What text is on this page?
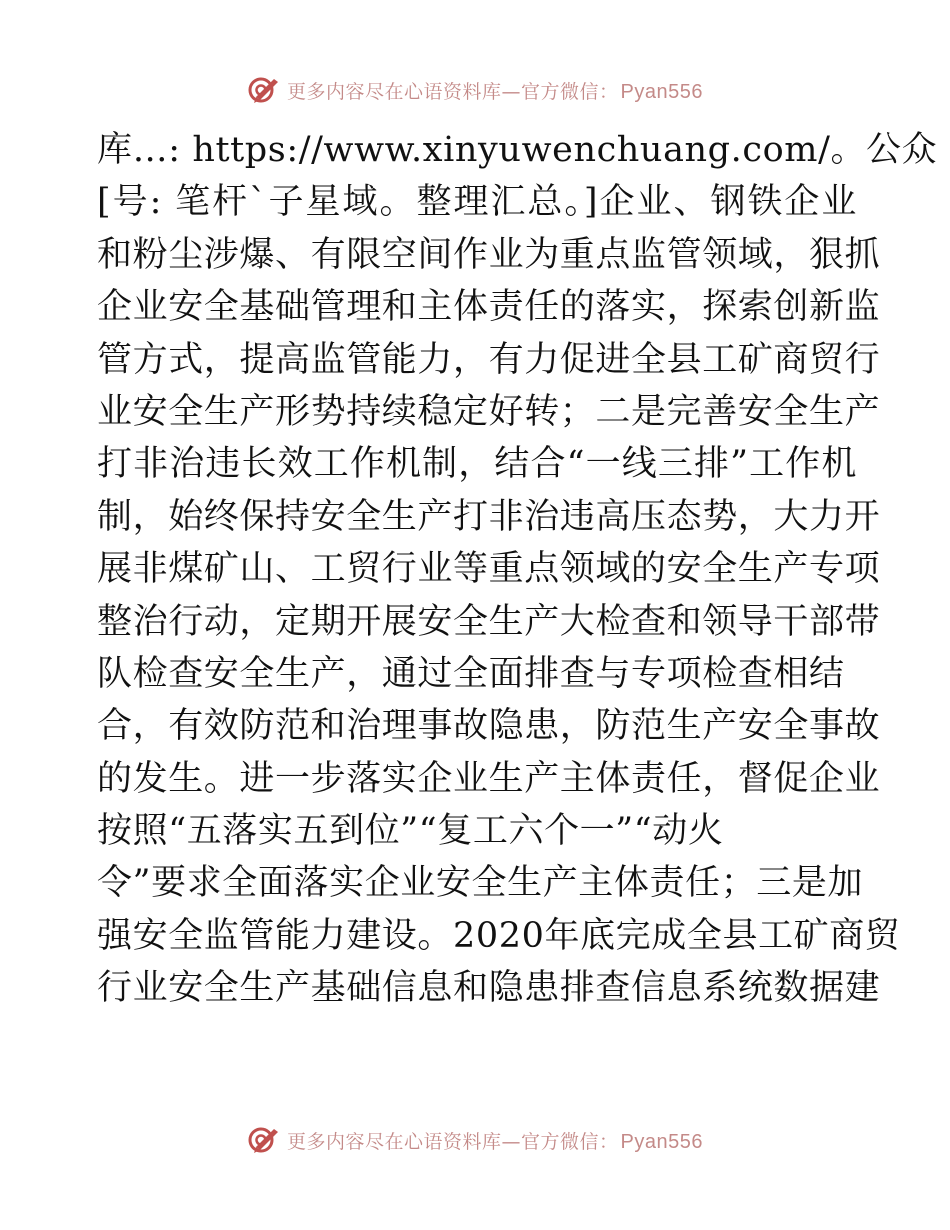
更多内容尽在心语资料库—官方微信： Pyan556
库…: https://www.xinyuwenchuang.com/。公众
[号: 笔杆`子星域。整理汇总。]企业、钢铁企业
和粉尘涉爆、有限空间作业为重点监管领域，狠抓
企业安全基础管理和主体责任的落实，探索创新监
管方式，提高监管能力，有力促进全县工矿商贸行
业安全生产形势持续稳定好转；二是完善安全生产
打非治违长效工作机制，结合“一线三排”工作机
制，始终保持安全生产打非治违高压态势，大力开
展非煤矿山、工贸行业等重点领域的安全生产专项
整治行动，定期开展安全生产大检查和领导干部带
队检查安全生产，通过全面排查与专项检查相结
合，有效防范和治理事故隐患，防范生产安全事故
的发生。进一步落实企业生产主体责任，督促企业
按照“五落实五到位”“复工六个一”“动火
令”要求全面落实企业安全生产主体责任；三是加
强安全监管能力建设。2020年底完成全县工矿商贸
行业安全生产基础信息和隐患排查信息系统数据建
更多内容尽在心语资料库—官方微信： Pyan556
